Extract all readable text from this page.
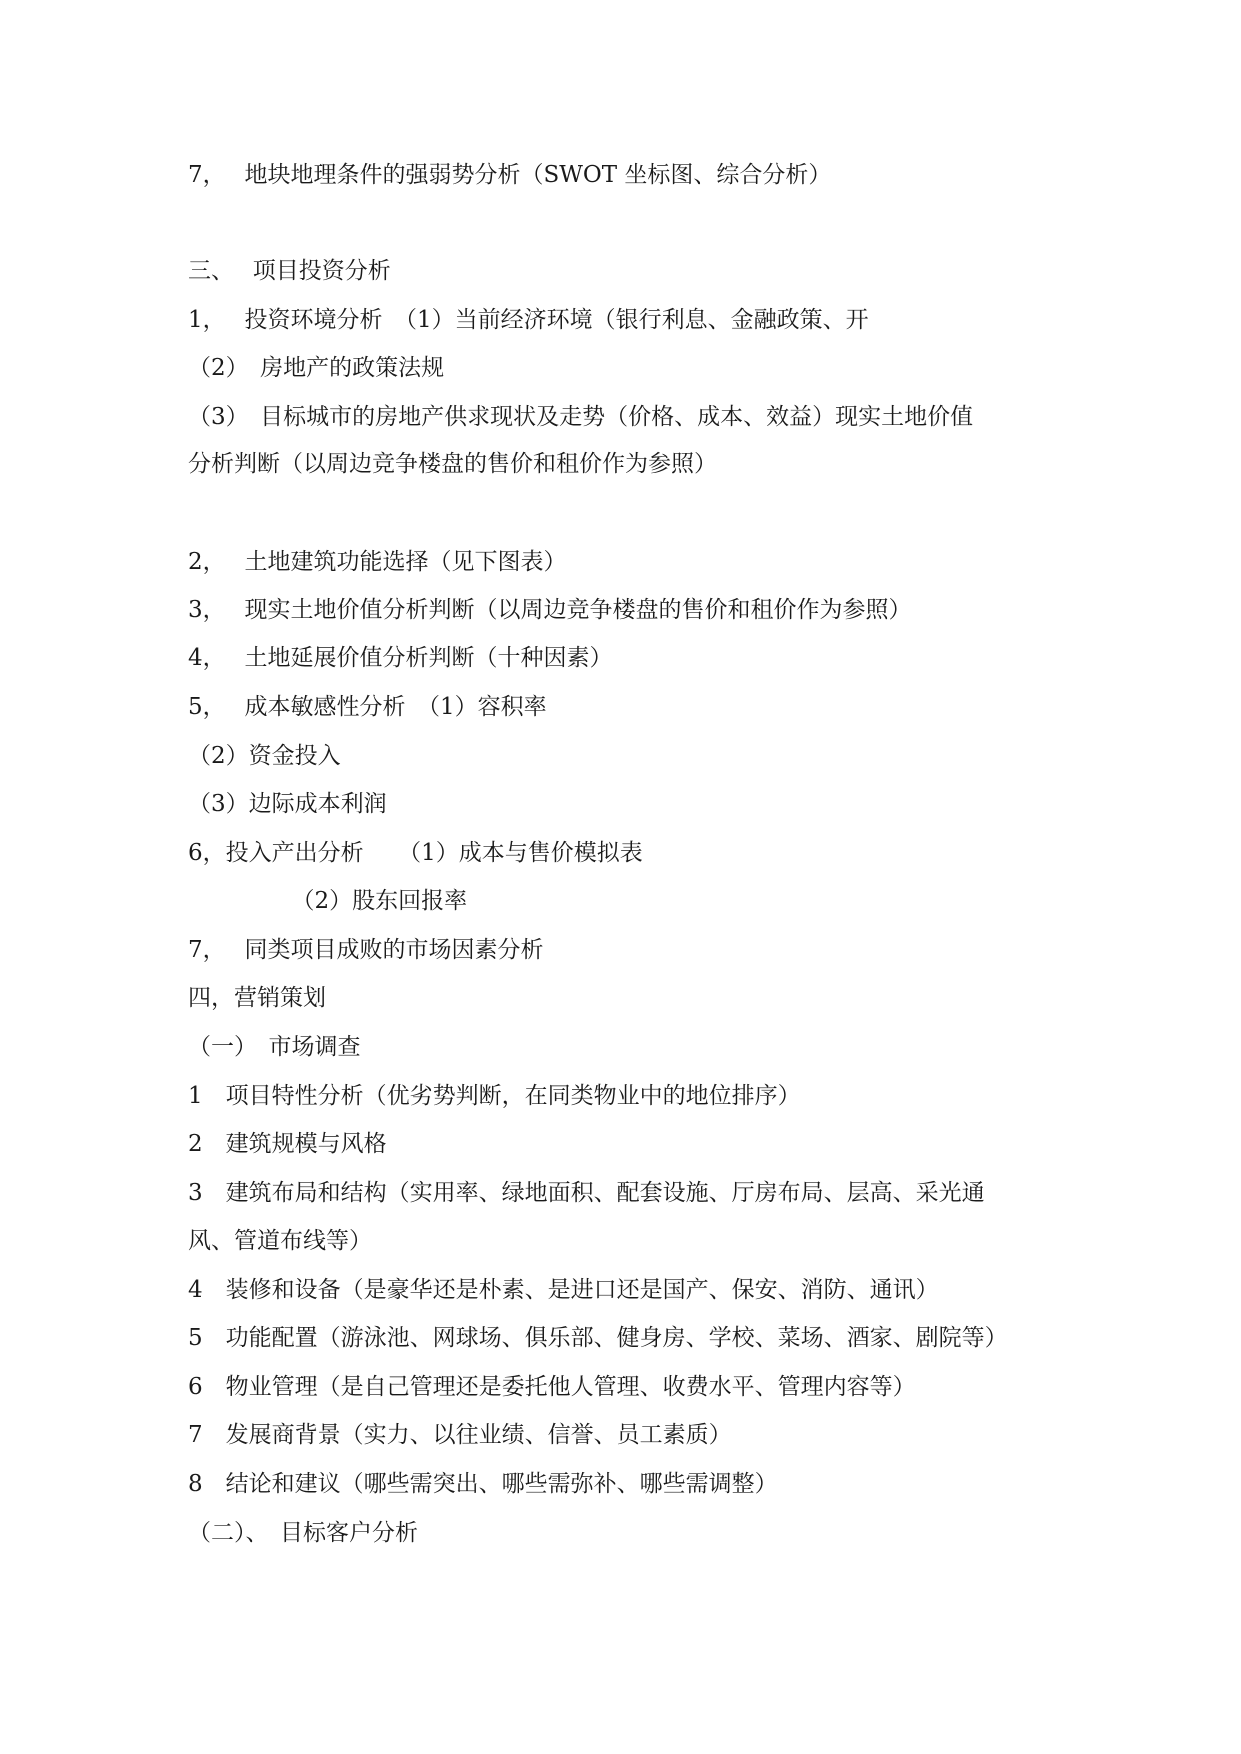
7，　 地块地理条件的强弱势分析（SWOT 坐标图、综合分析）
三、　 项目投资分析
1，　 投资环境分析　（1）当前经济环境（银行利息、金融政策、开
（2）　房地产的政策法规
（3）　目标城市的房地产供求现状及走势（价格、成本、效益）现实土地价值
分析判断（以周边竞争楼盘的售价和租价作为参照）
2，　 土地建筑功能选择（见下图表）
3，　 现实土地价值分析判断（以周边竞争楼盘的售价和租价作为参照）
4，　 土地延展价值分析判断（十种因素）
5，　 成本敏感性分析　（1）容积率
（2）资金投入
（3）边际成本利润
6，投入产出分析　　（1）成本与售价模拟表
　　　　　（2）股东回报率
7，　 同类项目成败的市场因素分析
四，营销策划
（一）　市场调查
1　项目特性分析（优劣势判断，在同类物业中的地位排序）
2　建筑规模与风格
3　建筑布局和结构（实用率、绿地面积、配套设施、厅房布局、层高、采光通
风、管道布线等）
4　装修和设备（是豪华还是朴素、是进口还是国产、保安、消防、通讯）
5　功能配置（游泳池、网球场、俱乐部、健身房、学校、菜场、酒家、剧院等）
6　物业管理（是自己管理还是委托他人管理、收费水平、管理内容等）
7　发展商背景（实力、以往业绩、信誉、员工素质）
8　结论和建议（哪些需突出、哪些需弥补、哪些需调整）
（二）、　目标客户分析
